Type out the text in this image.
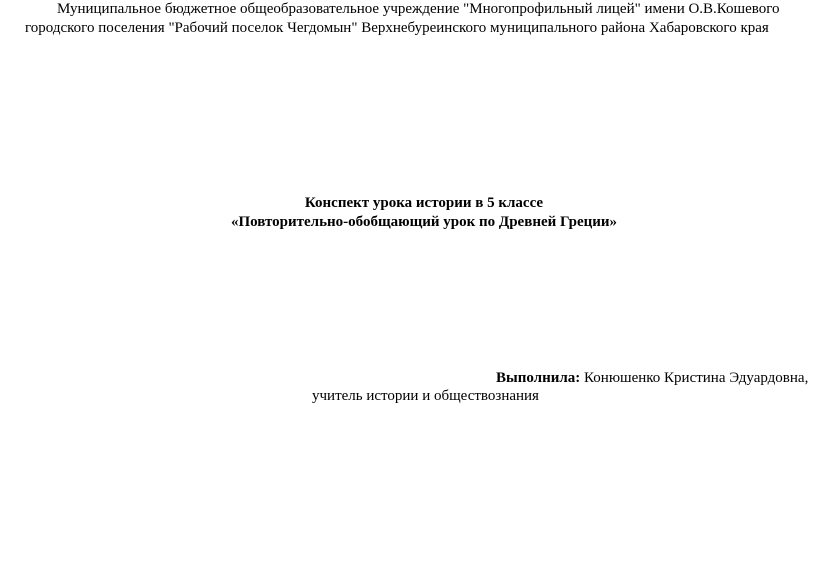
Муниципальное бюджетное общеобразовательное учреждение "Многопрофильный лицей" имени О.В.Кошевого
городского поселения "Рабочий поселок Чегдомын" Верхнебуреинского муниципального района Хабаровского края
Конспект урока истории в 5 классе
«Повторительно-обобщающий урок по Древней Греции»
Выполнила: Конюшенко Кристина Эдуардовна,
учитель истории и обществознания
